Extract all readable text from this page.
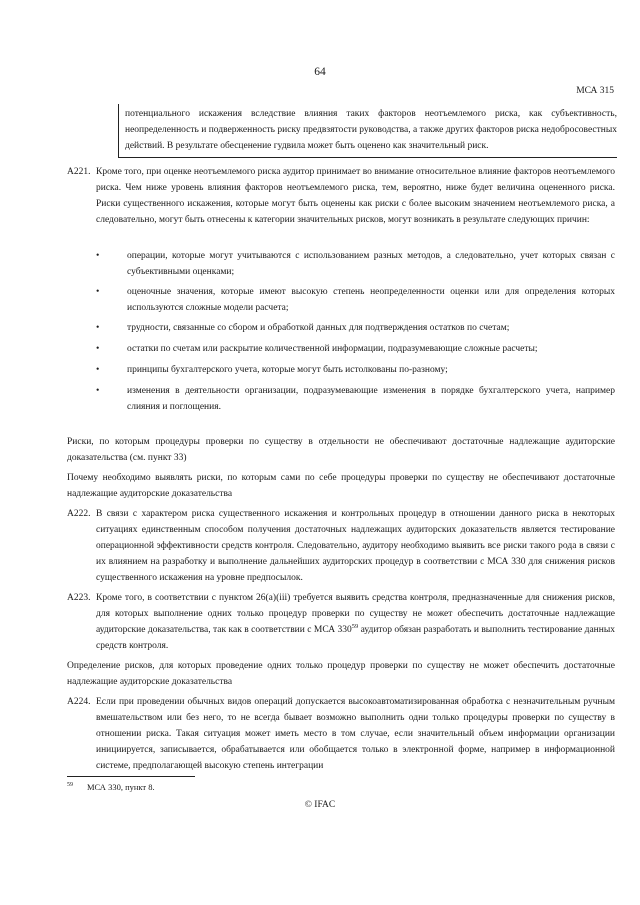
64
МСА 315
потенциального искажения вследствие влияния таких факторов неотъемлемого риска, как субъективность, неопределенность и подверженность риску предвзятости руководства, а также других факторов риска недобросовестных действий. В результате обесценение гудвила может быть оценено как значительный риск.
A221. Кроме того, при оценке неотъемлемого риска аудитор принимает во внимание относительное влияние факторов неотъемлемого риска. Чем ниже уровень влияния факторов неотъемлемого риска, тем, вероятно, ниже будет величина оцененного риска. Риски существенного искажения, которые могут быть оценены как риски с более высоким значением неотъемлемого риска, а следовательно, могут быть отнесены к категории значительных рисков, могут возникать в результате следующих причин:
•	операции, которые могут учитываются с использованием разных методов, а следовательно, учет которых связан с субъективными оценками;
•	оценочные значения, которые имеют высокую степень неопределенности оценки или для определения которых используются сложные модели расчета;
•	трудности, связанные со сбором и обработкой данных для подтверждения остатков по счетам;
•	остатки по счетам или раскрытие количественной информации, подразумевающие сложные расчеты;
•	принципы бухгалтерского учета, которые могут быть истолкованы по-разному;
•	изменения в деятельности организации, подразумевающие изменения в порядке бухгалтерского учета, например слияния и поглощения.
Риски, по которым процедуры проверки по существу в отдельности не обеспечивают достаточные надлежащие аудиторские доказательства (см. пункт 33)
Почему необходимо выявлять риски, по которым сами по себе процедуры проверки по существу не обеспечивают достаточные надлежащие аудиторские доказательства
A222. В связи с характером риска существенного искажения и контрольных процедур в отношении данного риска в некоторых ситуациях единственным способом получения достаточных надлежащих аудиторских доказательств является тестирование операционной эффективности средств контроля. Следовательно, аудитору необходимо выявить все риски такого рода в связи с их влиянием на разработку и выполнение дальнейших аудиторских процедур в соответствии с МСА 330 для снижения рисков существенного искажения на уровне предпосылок.
A223. Кроме того, в соответствии с пунктом 26(a)(iii) требуется выявить средства контроля, предназначенные для снижения рисков, для которых выполнение одних только процедур проверки по существу не может обеспечить достаточные надлежащие аудиторские доказательства, так как в соответствии с МСА 330$^{59}$ аудитор обязан разработать и выполнить тестирование данных средств контроля.
Определение рисков, для которых проведение одних только процедур проверки по существу не может обеспечить достаточные надлежащие аудиторские доказательства
A224. Если при проведении обычных видов операций допускается высокоавтоматизированная обработка с незначительным ручным вмешательством или без него, то не всегда бывает возможно выполнить одни только процедуры проверки по существу в отношении риска. Такая ситуация может иметь место в том случае, если значительный объем информации организации инициируется, записывается, обрабатывается или обобщается только в электронной форме, например в информационной системе, предполагающей высокую степень интеграции
$^{59}$ МСА 330, пункт 8.
© IFAC
